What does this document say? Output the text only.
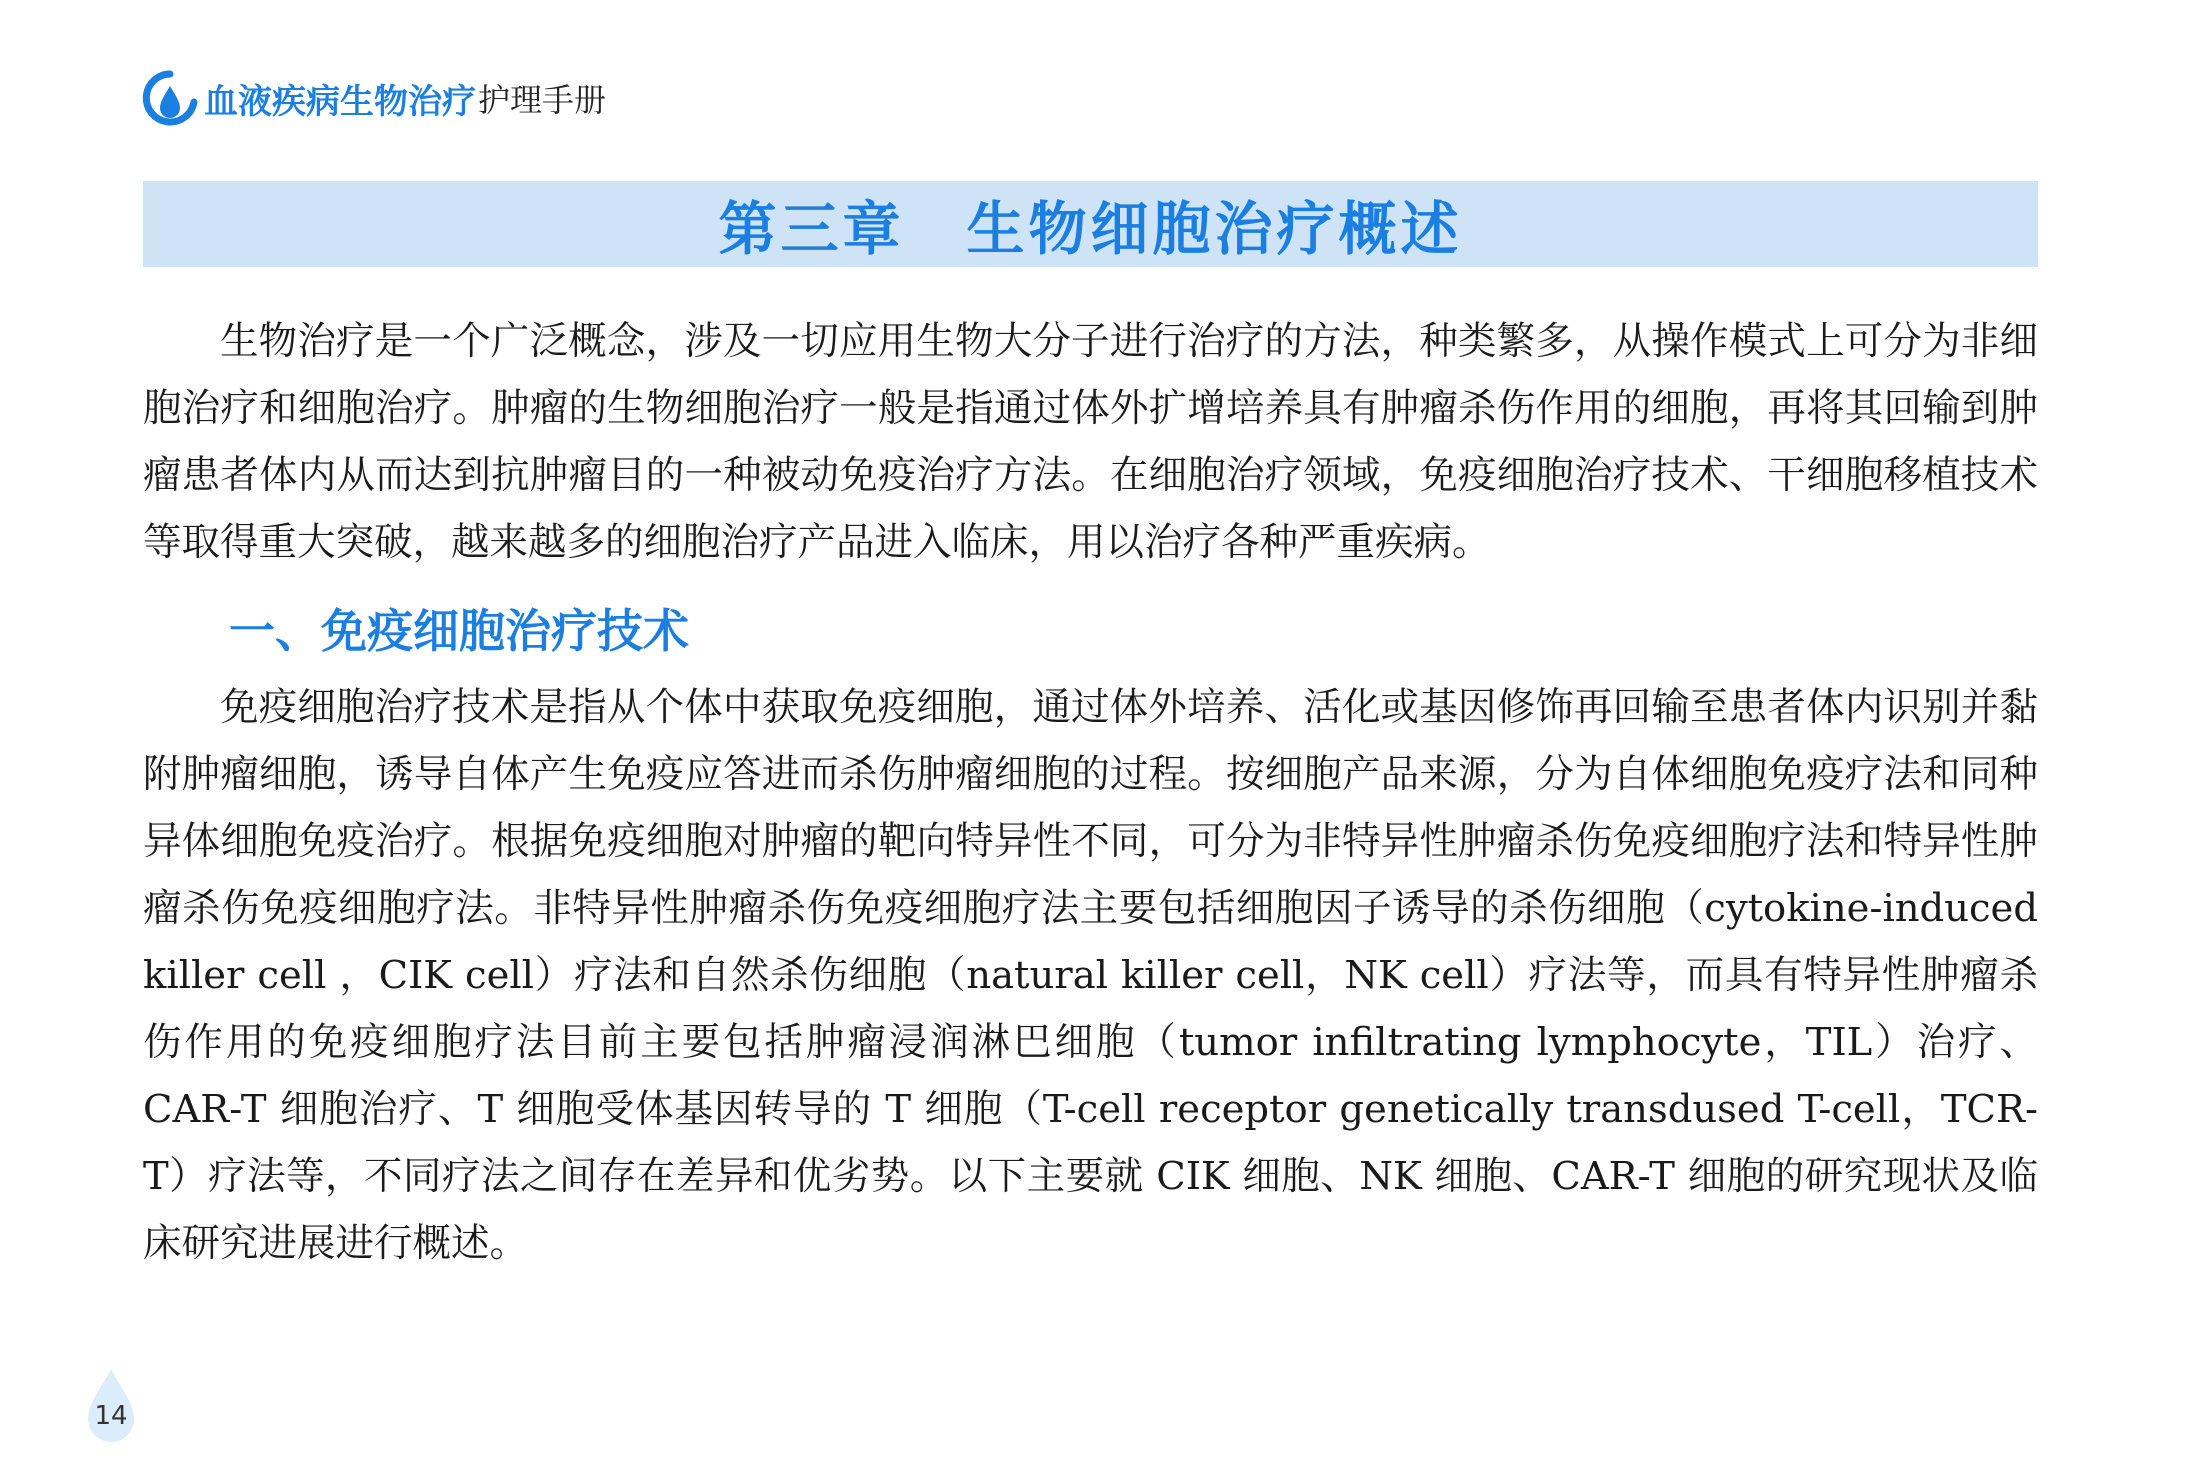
血液疾病生物治疗 护理手册
第三章　生物细胞治疗概述

生物治疗是一个广泛概念，涉及一切应用生物大分子进行治疗的方法，种类繁多，从操作模式上可分为非细胞治疗和细胞治疗。肿瘤的生物细胞治疗一般是指通过体外扩增培养具有肿瘤杀伤作用的细胞，再将其回输到肿瘤患者体内从而达到抗肿瘤目的一种被动免疫治疗方法。在细胞治疗领域，免疫细胞治疗技术、干细胞移植技术等取得重大突破，越来越多的细胞治疗产品进入临床，用以治疗各种严重疾病。

一、免疫细胞治疗技术

免疫细胞治疗技术是指从个体中获取免疫细胞，通过体外培养、活化或基因修饰再回输至患者体内识别并黏附肿瘤细胞，诱导自体产生免疫应答进而杀伤肿瘤细胞的过程。按细胞产品来源，分为自体细胞免疫疗法和同种异体细胞免疫治疗。根据免疫细胞对肿瘤的靶向特异性不同，可分为非特异性肿瘤杀伤免疫细胞疗法和特异性肿瘤杀伤免疫细胞疗法。非特异性肿瘤杀伤免疫细胞疗法主要包括细胞因子诱导的杀伤细胞（cytokine-induced killer cell ，CIK cell）疗法和自然杀伤细胞（natural killer cell，NK cell）疗法等，而具有特异性肿瘤杀伤作用的免疫细胞疗法目前主要包括肿瘤浸润淋巴细胞（tumor infiltrating lymphocyte，TIL）治疗、CAR-T 细胞治疗、T 细胞受体基因转导的 T 细胞（T-cell receptor genetically transdused T-cell，TCR-T）疗法等，不同疗法之间存在差异和优劣势。以下主要就 CIK 细胞、NK 细胞、CAR-T 细胞的研究现状及临床研究进展进行概述。

14
